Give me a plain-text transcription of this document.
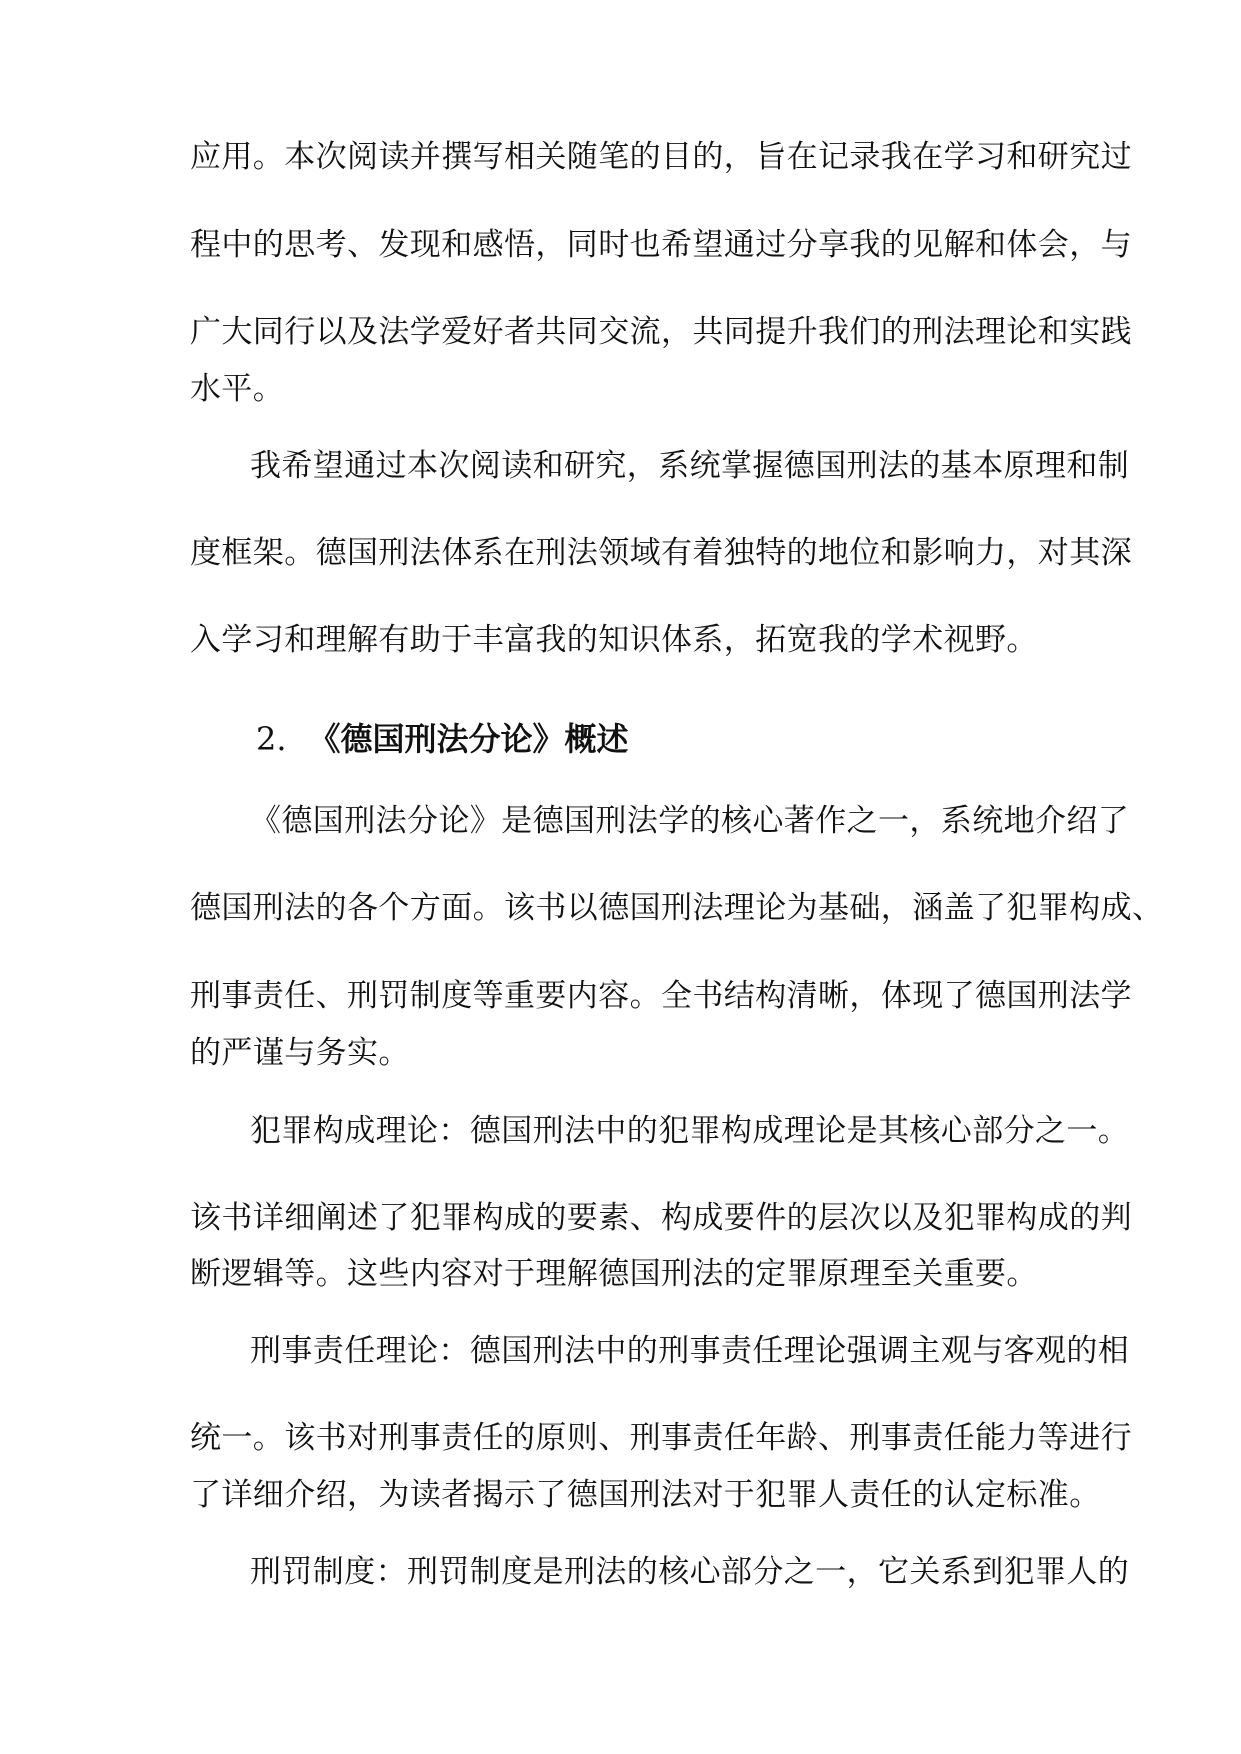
应用。本次阅读并撰写相关随笔的目的，旨在记录我在学习和研究过
程中的思考、发现和感悟，同时也希望通过分享我的见解和体会，与
广大同行以及法学爱好者共同交流，共同提升我们的刑法理论和实践
水平。
我希望通过本次阅读和研究，系统掌握德国刑法的基本原理和制
度框架。德国刑法体系在刑法领域有着独特的地位和影响力，对其深
入学习和理解有助于丰富我的知识体系，拓宽我的学术视野。
2. 《德国刑法分论》概述
《德国刑法分论》是德国刑法学的核心著作之一，系统地介绍了
德国刑法的各个方面。该书以德国刑法理论为基础，涵盖了犯罪构成、
刑事责任、刑罚制度等重要内容。全书结构清晰，体现了德国刑法学
的严谨与务实。
犯罪构成理论：德国刑法中的犯罪构成理论是其核心部分之一。
该书详细阐述了犯罪构成的要素、构成要件的层次以及犯罪构成的判
断逻辑等。这些内容对于理解德国刑法的定罪原理至关重要。
刑事责任理论：德国刑法中的刑事责任理论强调主观与客观的相
统一。该书对刑事责任的原则、刑事责任年龄、刑事责任能力等进行
了详细介绍，为读者揭示了德国刑法对于犯罪人责任的认定标准。
刑罚制度：刑罚制度是刑法的核心部分之一，它关系到犯罪人的
